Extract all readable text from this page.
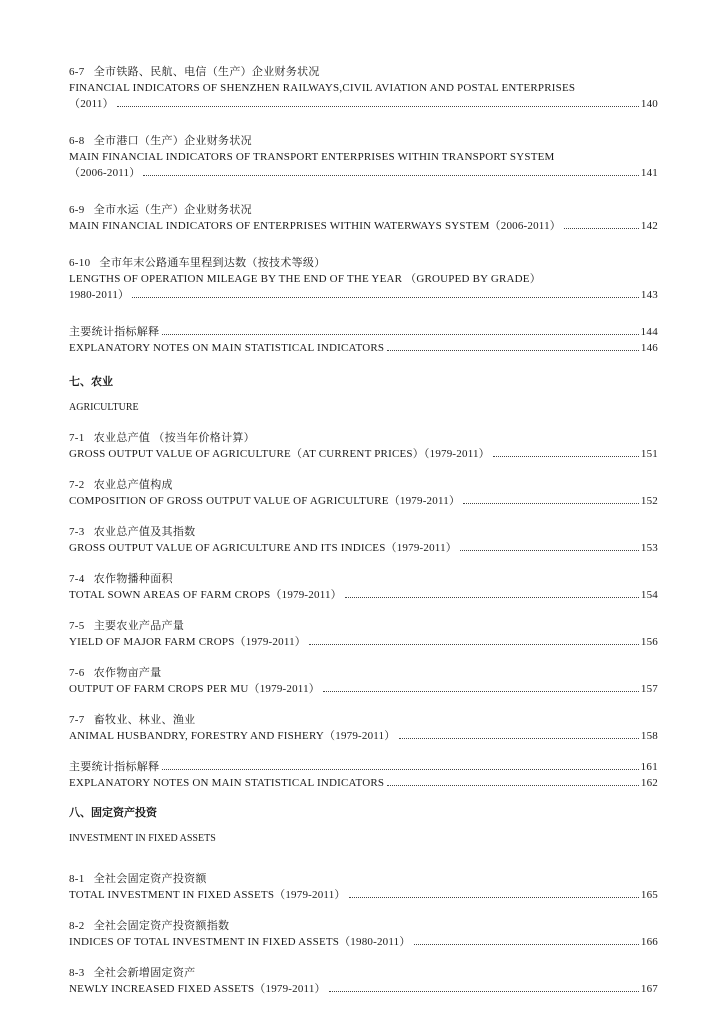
6-7 全市铁路、民航、电信（生产）企业财务状况
FINANCIAL INDICATORS OF SHENZHEN RAILWAYS,CIVIL AVIATION AND POSTAL ENTERPRISES
（2011）	140
6-8 全市港口（生产）企业财务状况
MAIN FINANCIAL INDICATORS OF TRANSPORT ENTERPRISES WITHIN TRANSPORT SYSTEM
（2006-2011）	141
6-9 全市水运（生产）企业财务状况
MAIN FINANCIAL INDICATORS OF ENTERPRISES WITHIN WATERWAYS SYSTEM（2006-2011）	142
6-10 全市年末公路通车里程到达数（按技术等级）
LENGTHS OF OPERATION MILEAGE BY THE END OF THE YEAR （GROUPED BY GRADE）
1980-2011）	143
主要统计指标解释	144
EXPLANATORY NOTES ON MAIN STATISTICAL INDICATORS	146
七、农业
AGRICULTURE
7-1 农业总产值 （按当年价格计算）
GROSS OUTPUT VALUE OF AGRICULTURE（AT CURRENT PRICES）（1979-2011）	151
7-2 农业总产值构成
COMPOSITION OF GROSS OUTPUT VALUE OF AGRICULTURE（1979-2011）	152
7-3 农业总产值及其指数
GROSS OUTPUT VALUE OF AGRICULTURE AND ITS INDICES（1979-2011）	153
7-4 农作物播种面积
TOTAL SOWN AREAS OF FARM CROPS（1979-2011）	154
7-5 主要农业产品产量
YIELD OF MAJOR FARM CROPS（1979-2011）	156
7-6 农作物亩产量
OUTPUT OF FARM CROPS PER MU（1979-2011）	157
7-7 畜牧业、林业、渔业
ANIMAL HUSBANDRY, FORESTRY AND FISHERY（1979-2011）	158
主要统计指标解释	161
EXPLANATORY NOTES ON MAIN STATISTICAL INDICATORS	162
八、固定资产投资
INVESTMENT IN FIXED ASSETS
8-1 全社会固定资产投资额
TOTAL INVESTMENT IN FIXED ASSETS（1979-2011）	165
8-2 全社会固定资产投资额指数
INDICES OF TOTAL INVESTMENT IN FIXED ASSETS（1980-2011）	166
8-3 全社会新增固定资产
NEWLY INCREASED FIXED ASSETS（1979-2011）	167
